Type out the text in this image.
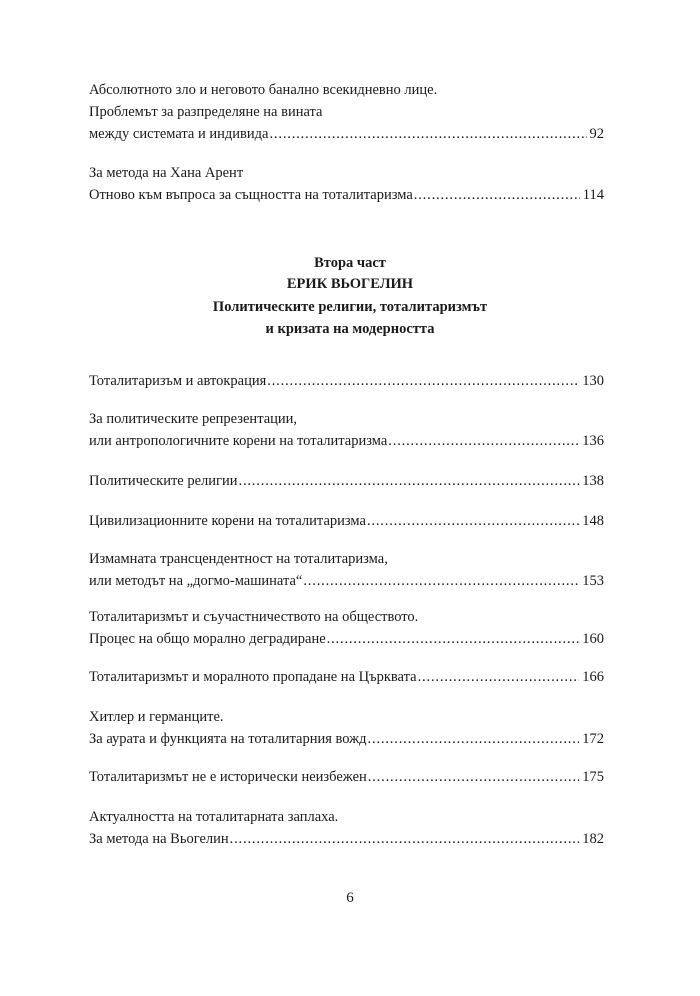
Абсолютното зло и неговото банално всекидневно лице.
Проблемът за разпределяне на вината
между системата и индивида . . .	92
За метода на Хана Арент
Отново към въпроса за същността на тоталитаризма . . .	114
Втора част
ЕРИК ВЬОГЕЛИН
Политическите религии, тоталитаризмът
и кризата на модерността
Тоталитаризъм и автокрация . . .	130
За политическите репрезентации,
или антропологичните корени на тоталитаризма . . .	136
Политическите религии . . .	138
Цивилизационните корени на тоталитаризма . . .	148
Измамната трансцендентност на тоталитаризма,
или методът на „догмо-машината“ . . .	153
Тоталитаризмът и съучастничеството на обществото.
Процес на общо морално деградиране . . .	160
Тоталитаризмът и моралното пропадане на Църквата . . .	166
Хитлер и германците.
За аурата и функцията на тоталитарния вожд . . .	172
Тоталитаризмът не е исторически неизбежен . . .	175
Актуалността на тоталитарната заплаха.
За метода на Вьогелин . . .	182
6
